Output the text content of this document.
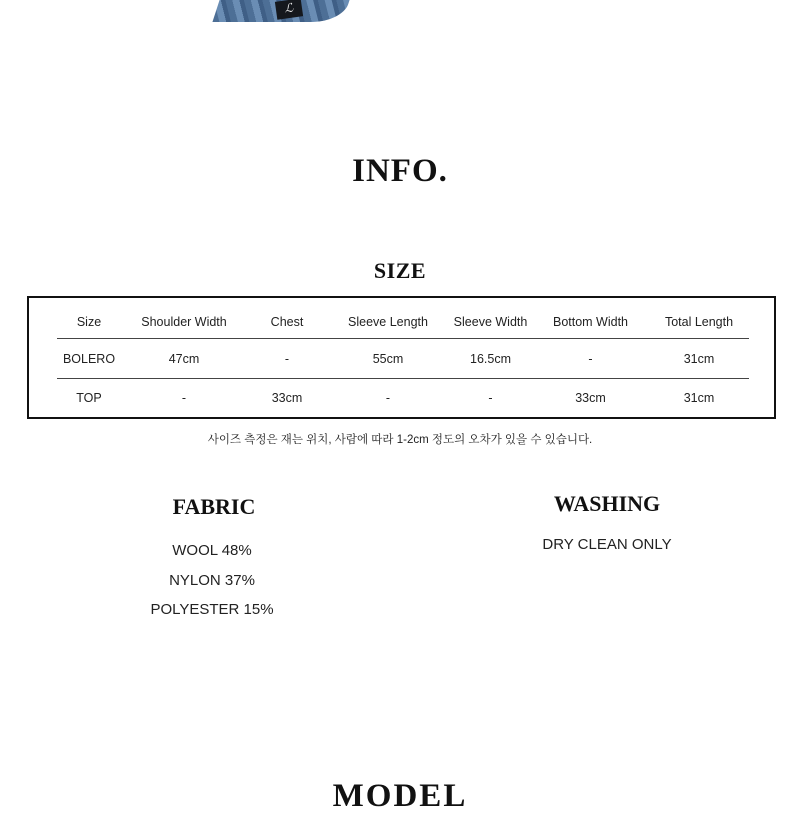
ℒ
INFO.
SIZE
Size	Shoulder Width	Chest	Sleeve Length	Sleeve Width	Bottom Width	Total Length
BOLERO	47cm	-	55cm	16.5cm	-	31cm
TOP	-	33cm	-	-	33cm	31cm
사이즈 측정은 재는 위치, 사람에 따라 1-2cm 정도의 오차가 있을 수 있습니다.
FABRIC
WOOL 48%
NYLON 37%
POLYESTER 15%
WASHING
DRY CLEAN ONLY
MODEL
